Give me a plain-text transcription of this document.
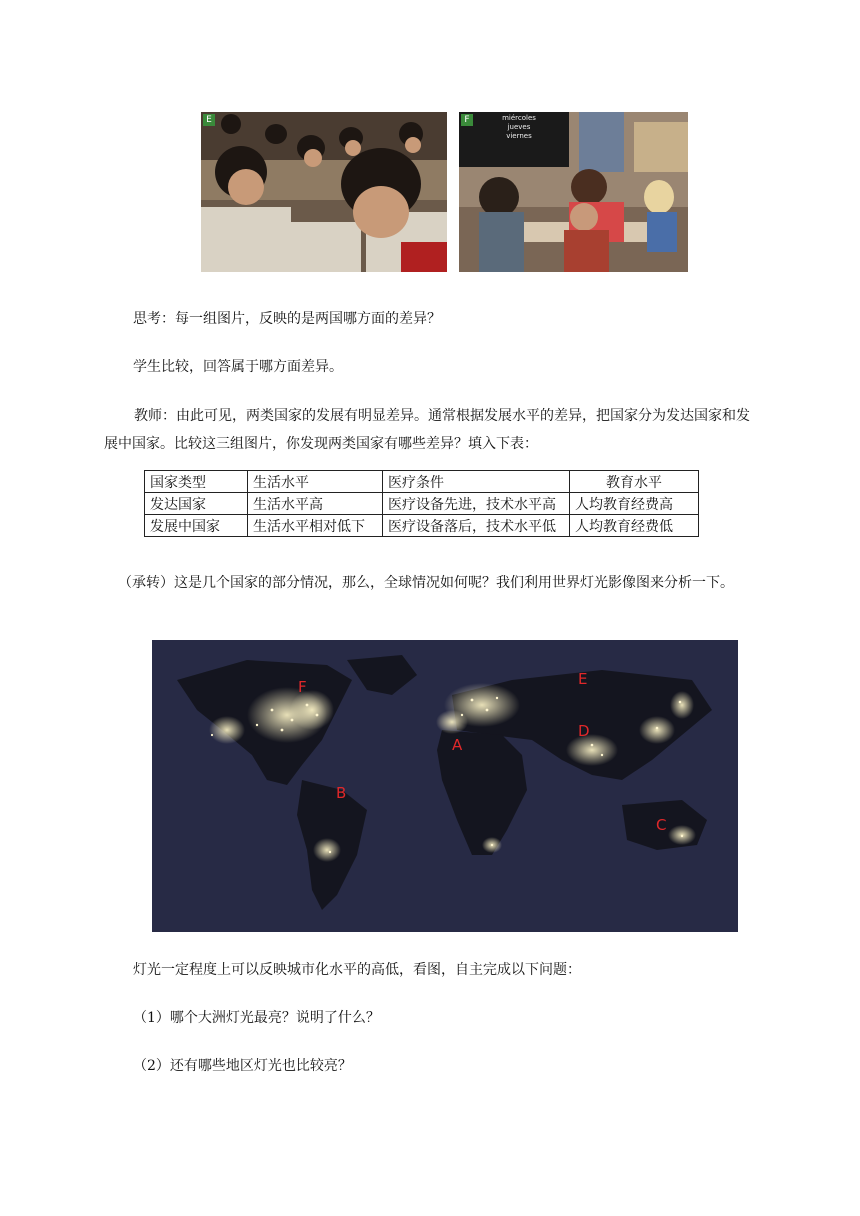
E	F	miércoles
jueves
viernes
思考：每一组图片，反映的是两国哪方面的差异？
学生比较，回答属于哪方面差异。
教师：由此可见，两类国家的发展有明显差异。通常根据发展水平的差异，把国家分为发达国家和发展中国家。比较这三组图片，你发现两类国家有哪些差异？填入下表：
国家类型	生活水平	医疗条件	教育水平
发达国家	生活水平高	医疗设备先进，技术水平高	人均教育经费高
发展中国家	生活水平相对低下	医疗设备落后，技术水平低	人均教育经费低
（承转）这是几个国家的部分情况，那么，全球情况如何呢？我们利用世界灯光影像图来分析一下。
F	E
A
D
B
C
灯光一定程度上可以反映城市化水平的高低，看图，自主完成以下问题：
（1）哪个大洲灯光最亮？说明了什么？
（2）还有哪些地区灯光也比较亮？
